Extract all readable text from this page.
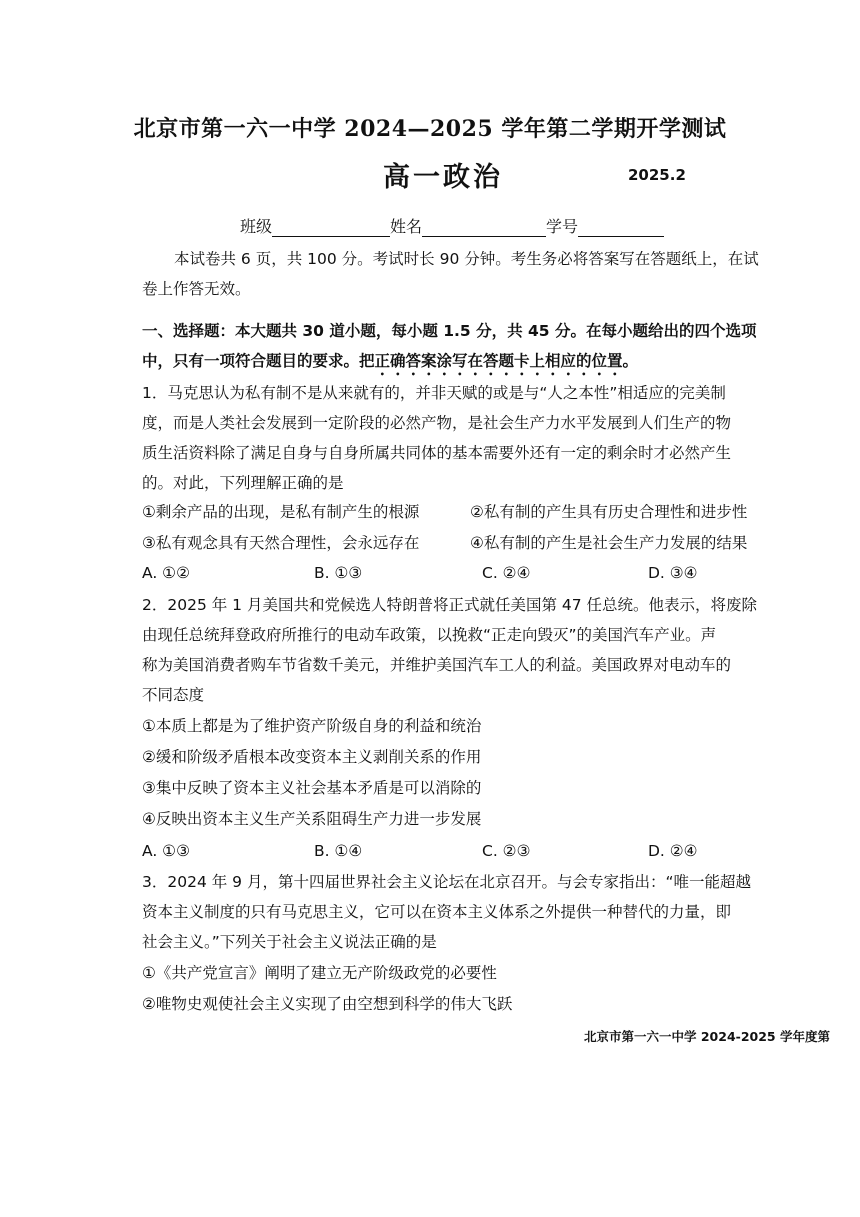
北京市第一六一中学 2024—2025 学年第二学期开学测试
高一政治	2025.2
班级	姓名	学号
本试卷共 6 页，共 100 分。考试时长 90 分钟。考生务必将答案写在答题纸上，在试
卷上作答无效。
一、选择题：本大题共 30 道小题，每小题 1.5 分，共 45 分。在每小题给出的四个选项
中，只有一项符合题目的要求。把正确答案涂写在答题卡上相应的位置。
1．马克思认为私有制不是从来就有的，并非天赋的或是与“人之本性”相适应的完美制
度，而是人类社会发展到一定阶段的必然产物，是社会生产力水平发展到人们生产的物
质生活资料除了满足自身与自身所属共同体的基本需要外还有一定的剩余时才必然产生
的。对此，下列理解正确的是
①剩余产品的出现，是私有制产生的根源	②私有制的产生具有历史合理性和进步性
③私有观念具有天然合理性，会永远存在	④私有制的产生是社会生产力发展的结果
A. ①②	B. ①③	C. ②④	D. ③④
2．2025 年 1 月美国共和党候选人特朗普将正式就任美国第 47 任总统。他表示，将废除
由现任总统拜登政府所推行的电动车政策，以挽救“正走向毁灭”的美国汽车产业。声
称为美国消费者购车节省数千美元，并维护美国汽车工人的利益。美国政界对电动车的
不同态度
①本质上都是为了维护资产阶级自身的利益和统治
②缓和阶级矛盾根本改变资本主义剥削关系的作用
③集中反映了资本主义社会基本矛盾是可以消除的
④反映出资本主义生产关系阻碍生产力进一步发展
A. ①③	B. ①④	C. ②③	D. ②④
3．2024 年 9 月，第十四届世界社会主义论坛在北京召开。与会专家指出：“唯一能超越
资本主义制度的只有马克思主义，它可以在资本主义体系之外提供一种替代的力量，即
社会主义。”下列关于社会主义说法正确的是
①《共产党宣言》阐明了建立无产阶级政党的必要性
②唯物史观使社会主义实现了由空想到科学的伟大飞跃
北京市第一六一中学 2024-2025 学年度第
